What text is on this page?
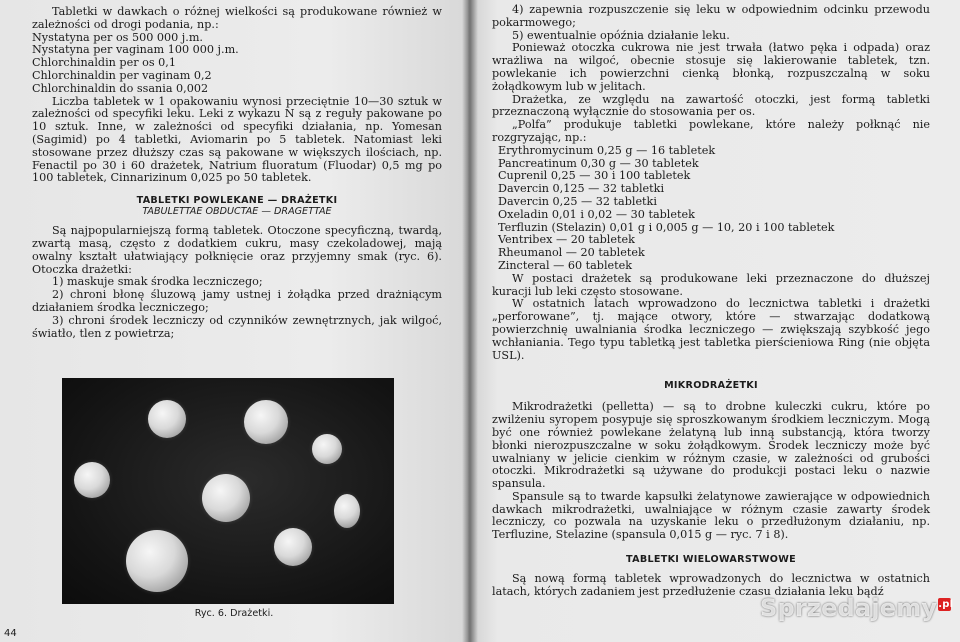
Tabletki w dawkach o różnej wielkości są produkowane również w zależności od drogi podania, np.:

Nystatyna per os 500 000 j.m.
Nystatyna per vaginam 100 000 j.m.
Chlorchinaldin per os 0,1
Chlorchinaldin per vaginam 0,2
Chlorchinaldin do ssania 0,002

Liczba tabletek w 1 opakowaniu wynosi przeciętnie 10—30 sztuk w zależności od specyfiki leku. Leki z wykazu N są z reguły pakowane po 10 sztuk. Inne, w zależności od specyfiki działania, np. Yomesan (Sagimid) po 4 tabletki, Aviomarin po 5 tabletek. Natomiast leki stosowane przez dłuższy czas są pakowane w większych ilościach, np. Fenactil po 30 i 60 drażetek, Natrium fluoratum (Fluodar) 0,5 mg po 100 tabletek, Cinnarizinum 0,025 po 50 tabletek.

TABLETKI POWLEKANE — DRAŻETKI
TABULETTAE OBDUCTAE — DRAGETTAE

Są najpopularniejszą formą tabletek. Otoczone specyficzną, twardą, zwartą masą, często z dodatkiem cukru, masy czekoladowej, mają owalny kształt ułatwiający połknięcie oraz przyjemny smak (ryc. 6). Otoczka drażetki:

1) maskuje smak środka leczniczego;

2) chroni błonę śluzową jamy ustnej i żołądka przed drażniącym działaniem środka leczniczego;

3) chroni środek leczniczy od czynników zewnętrznych, jak wilgoć, światło, tlen z powietrza;

Ryc. 6. Drażetki.
44

4) zapewnia rozpuszczenie się leku w odpowiednim odcinku przewodu pokarmowego;

5) ewentualnie opóźnia działanie leku.

Ponieważ otoczka cukrowa nie jest trwała (łatwo pęka i odpada) oraz wrażliwa na wilgoć, obecnie stosuje się lakierowanie tabletek, tzn. powlekanie ich powierzchni cienką błonką, rozpuszczalną w soku żołądkowym lub w jelitach.

Drażetka, ze względu na zawartość otoczki, jest formą tabletki przeznaczoną wyłącznie do stosowania per os.

„Polfa” produkuje tabletki powlekane, które należy połknąć nie rozgryzając, np.:

Erythromycinum 0,25 g — 16 tabletek
Pancreatinum 0,30 g — 30 tabletek
Cuprenil 0,25 — 30 i 100 tabletek
Davercin 0,125 — 32 tabletki
Davercin 0,25 — 32 tabletki
Oxeladin 0,01 i 0,02 — 30 tabletek
Terfluzin (Stelazin) 0,01 g i 0,005 g — 10, 20 i 100 tabletek
Ventribex — 20 tabletek
Rheumanol — 20 tabletek
Zincteral — 60 tabletek

W postaci drażetek są produkowane leki przeznaczone do dłuższej kuracji lub leki często stosowane.

W ostatnich latach wprowadzono do lecznictwa tabletki i drażetki „perforowane”, tj. mające otwory, które — stwarzając dodatkową powierzchnię uwalniania środka leczniczego — zwiększają szybkość jego wchłaniania. Tego typu tabletką jest tabletka pierścieniowa Ring (nie objęta USL).

MIKRODRAŻETKI

Mikrodrażetki (pelletta) — są to drobne kuleczki cukru, które po zwilżeniu syropem posypuje się sproszkowanym środkiem leczniczym. Mogą być one również powlekane żelatyną lub inną substancją, która tworzy błonki nierozpuszczalne w soku żołądkowym. Środek leczniczy może być uwalniany w jelicie cienkim w różnym czasie, w zależności od grubości otoczki. Mikrodrażetki są używane do produkcji postaci leku o nazwie spansula.

Spansule są to twarde kapsułki żelatynowe zawierające w odpowiednich dawkach mikrodrażetki, uwalniające w różnym czasie zawarty środek leczniczy, co pozwala na uzyskanie leku o przedłużonym działaniu, np. Terfluzine, Stelazine (spansula 0,015 g — ryc. 7 i 8).

TABLETKI WIELOWARSTWOWE

Są nową formą tabletek wprowadzonych do lecznictwa w ostatnich latach, których zadaniem jest przedłużenie czasu działania leku bądź

Sprzedajemy.pl
